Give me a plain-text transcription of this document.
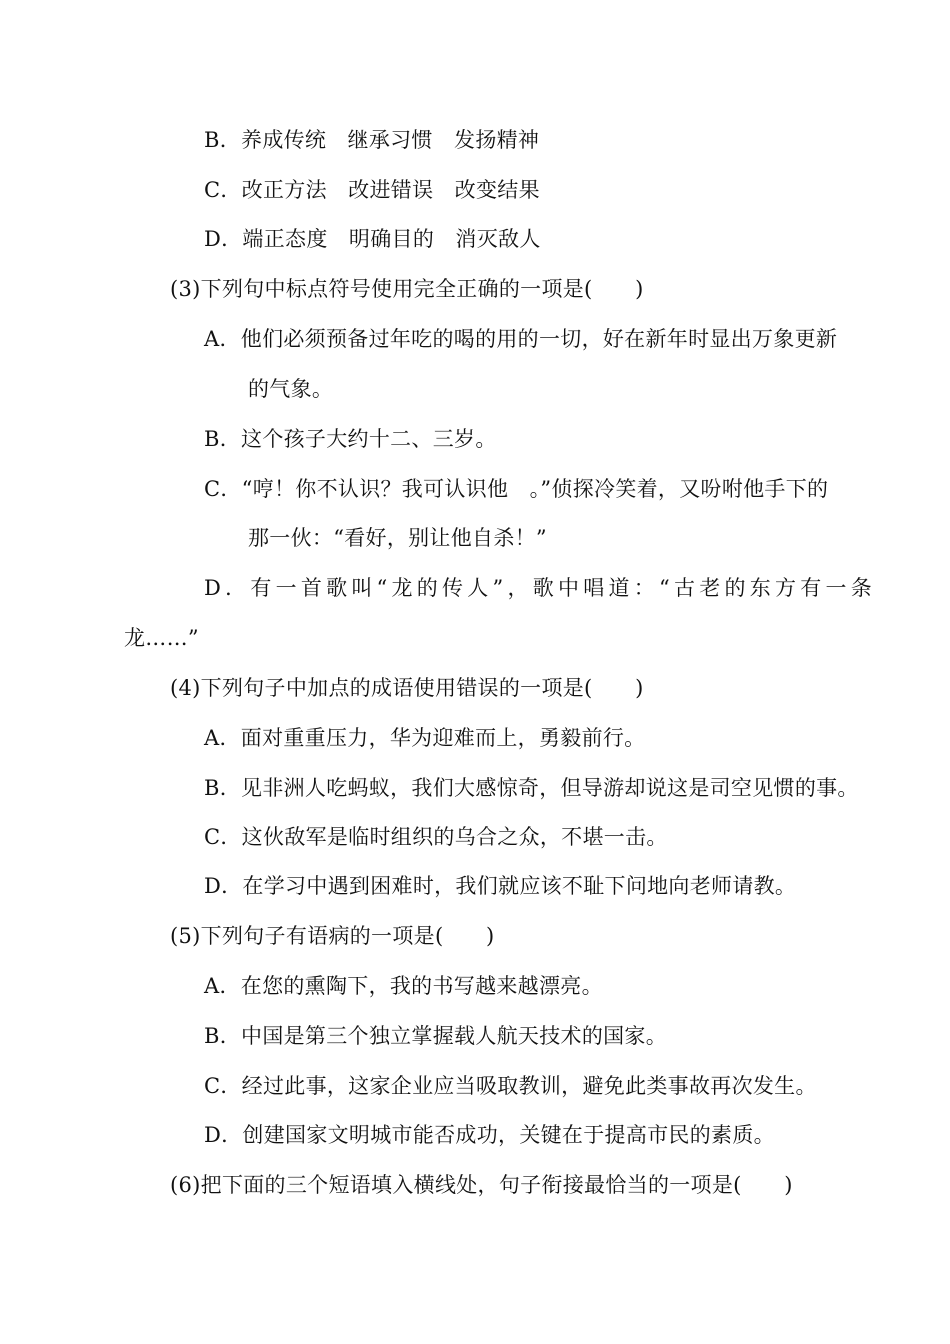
B．养成传统　继承习惯　发扬精神
C．改正方法　改进错误　改变结果
D．端正态度　明确目的　消灭敌人
(3)下列句中标点符号使用完全正确的一项是(　　)
A．他们必须预备过年吃的喝的用的一切，好在新年时显出万象更新
的气象。
B．这个孩子大约十二、三岁。
C．“哼！你不认识？我可认识他　。”侦探冷笑着，又吩咐他手下的
那一伙：“看好，别让他自杀！”
D．有一首歌叫“龙的传人”，歌中唱道：“古老的东方有一条
龙……”
(4)下列句子中加点的成语使用错误的一项是(　　)
A．面对重重压力，华为迎难而上，勇毅前行。
B．见非洲人吃蚂蚁，我们大感惊奇，但导游却说这是司空见惯的事。
C．这伙敌军是临时组织的乌合之众，不堪一击。
D．在学习中遇到困难时，我们就应该不耻下问地向老师请教。
(5)下列句子有语病的一项是(　　)
A．在您的熏陶下，我的书写越来越漂亮。
B．中国是第三个独立掌握载人航天技术的国家。
C．经过此事，这家企业应当吸取教训，避免此类事故再次发生。
D．创建国家文明城市能否成功，关键在于提高市民的素质。
(6)把下面的三个短语填入横线处，句子衔接最恰当的一项是(　　)
